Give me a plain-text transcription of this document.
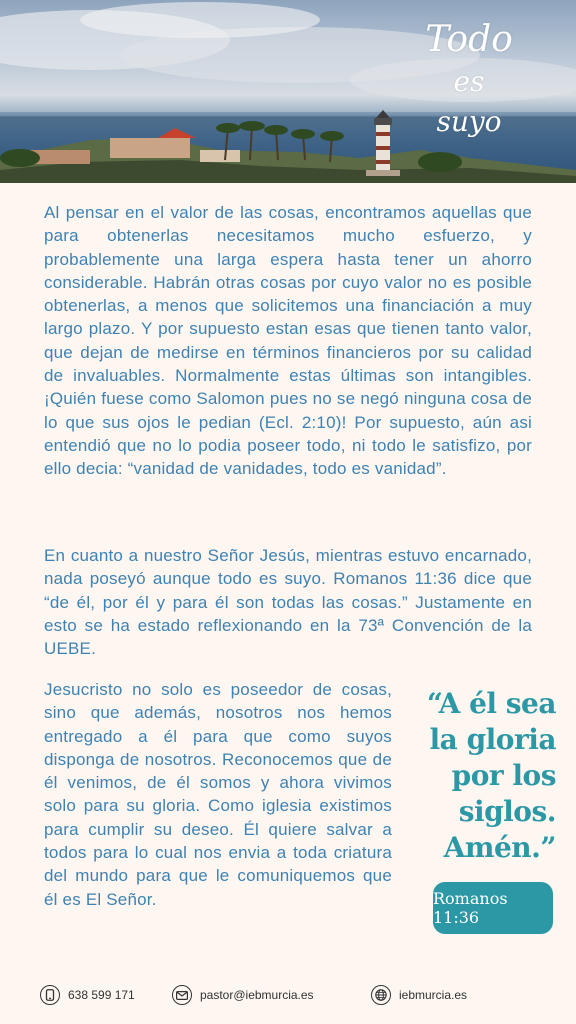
Todo
es
suyo

Al pensar en el valor de las cosas, encontramos aquellas que para obtenerlas necesitamos mucho esfuerzo, y probablemente una larga espera hasta tener un ahorro considerable. Habrán otras cosas por cuyo valor no es posible obtenerlas, a menos que solicitemos una financiación a muy largo plazo. Y por supuesto estan esas que tienen tanto valor, que dejan de medirse en términos financieros por su calidad de invaluables. Normalmente estas últimas son intangibles. ¡Quién fuese como Salomon pues no se negó ninguna cosa de lo que sus ojos le pedian (Ecl. 2:10)! Por supuesto, aún asi entendió que no lo podia poseer todo, ni todo le satisfizo, por ello decia: “vanidad de vanidades, todo es vanidad”.

En cuanto a nuestro Señor Jesús, mientras estuvo encarnado, nada poseyó aunque todo es suyo. Romanos 11:36 dice que “de él, por él y para él son todas las cosas.” Justamente en esto se ha estado reflexionando en la 73ª Convención de la UEBE.

Jesucristo no solo es poseedor de cosas, sino que además, nosotros nos hemos entregado a él para que como suyos disponga de nosotros. Reconocemos que de él venimos, de él somos y ahora vivimos solo para su gloria. Como iglesia existimos para cumplir su deseo. Él quiere salvar a todos para lo cual nos envia a toda criatura del mundo para que le comuniquemos que él es El Señor.

“A él sea
la gloria
por los
siglos.
Amén.”
Romanos 11:36
638 599 171	pastor@iebmurcia.es	iebmurcia.es
